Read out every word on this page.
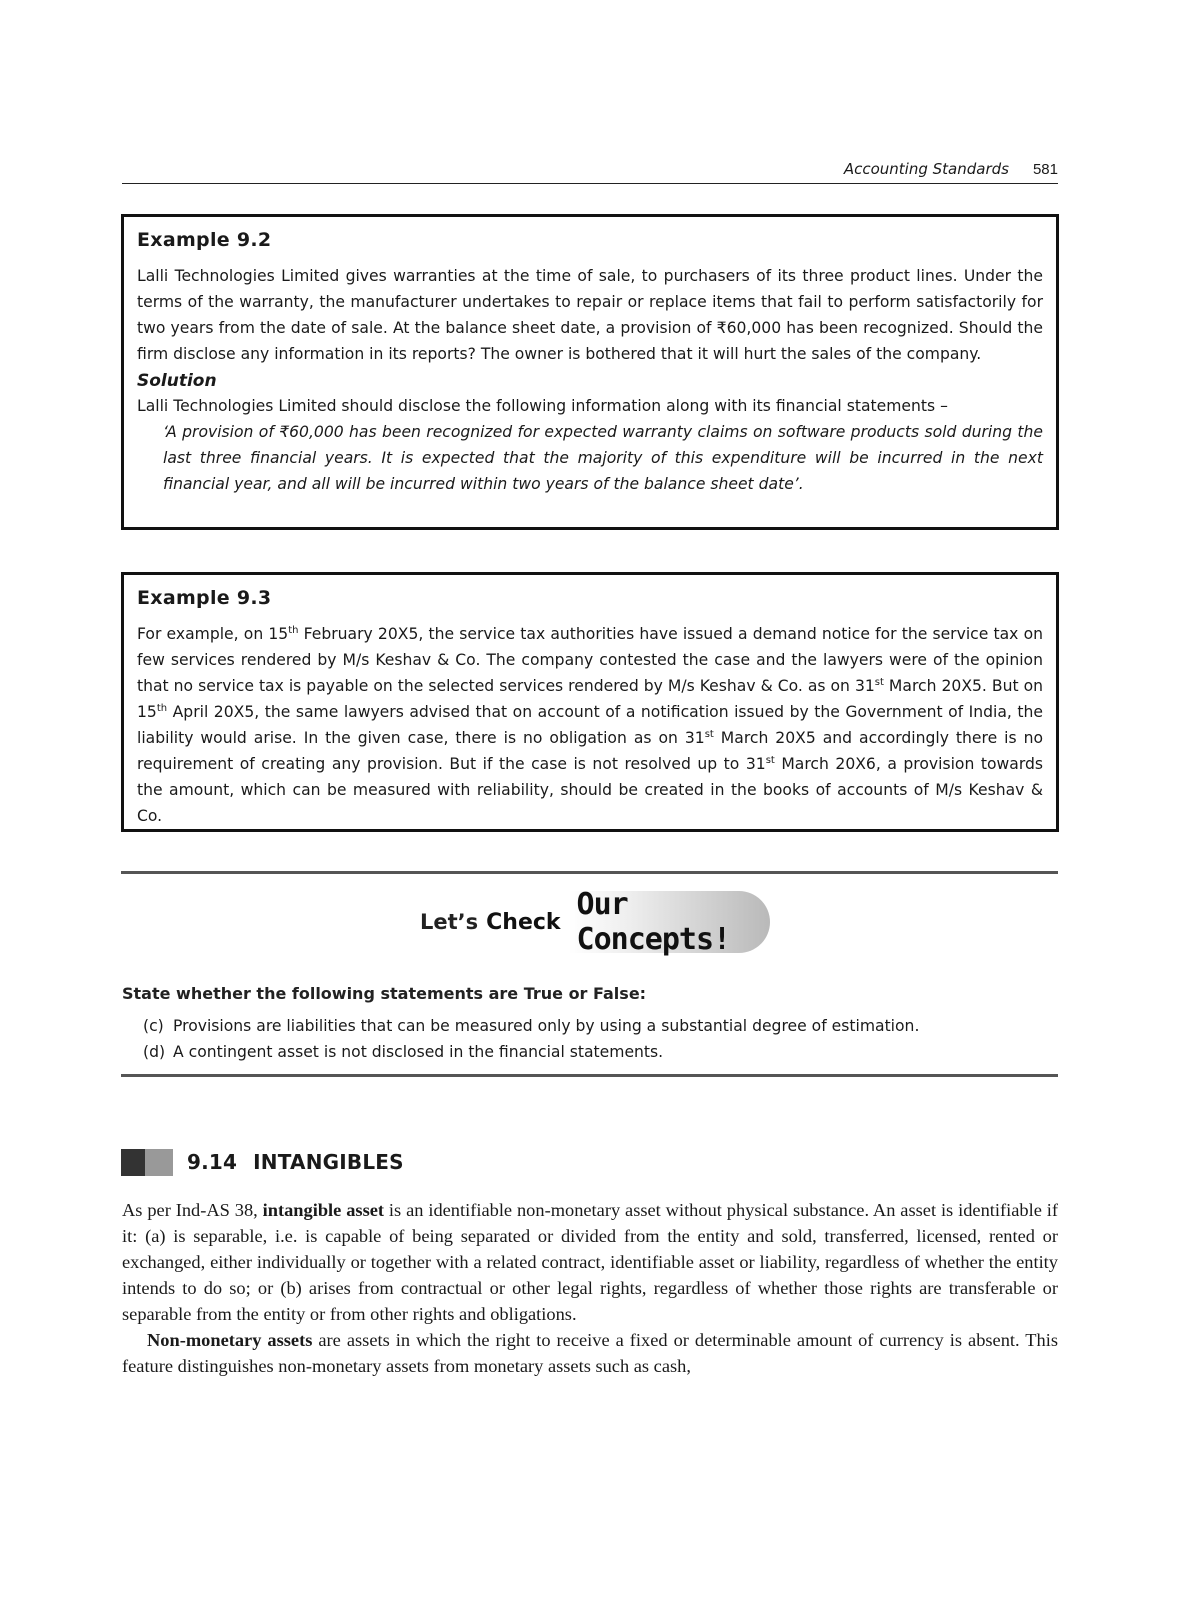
Accounting Standards 581
Example 9.2

Lalli Technologies Limited gives warranties at the time of sale, to purchasers of its three product lines. Under the terms of the warranty, the manufacturer undertakes to repair or replace items that fail to perform satisfactorily for two years from the date of sale. At the balance sheet date, a provision of ₹60,000 has been recognized. Should the firm disclose any information in its reports? The owner is bothered that it will hurt the sales of the company.

Solution

Lalli Technologies Limited should disclose the following information along with its financial statements –

‘A provision of ₹60,000 has been recognized for expected warranty claims on software products sold during the last three financial years. It is expected that the majority of this expenditure will be incurred in the next financial year, and all will be incurred within two years of the balance sheet date’.

Example 9.3

For example, on 15th February 20X5, the service tax authorities have issued a demand notice for the service tax on few services rendered by M/s Keshav & Co. The company contested the case and the lawyers were of the opinion that no service tax is payable on the selected services rendered by M/s Keshav & Co. as on 31st March 20X5. But on 15th April 20X5, the same lawyers advised that on account of a notification issued by the Government of India, the liability would arise. In the given case, there is no obligation as on 31st March 20X5 and accordingly there is no requirement of creating any provision. But if the case is not resolved up to 31st March 20X6, a provision towards the amount, which can be measured with reliability, should be created in the books of accounts of M/s Keshav & Co.

Let’s Check Our Concepts!
State whether the following statements are True or False:
(c) Provisions are liabilities that can be measured only by using a substantial degree of estimation.
(d) A contingent asset is not disclosed in the financial statements.
9.14 INTANGIBLES

As per Ind-AS 38, intangible asset is an identifiable non-monetary asset without physical substance. An asset is identifiable if it: (a) is separable, i.e. is capable of being separated or divided from the entity and sold, transferred, licensed, rented or exchanged, either individually or together with a related contract, identifiable asset or liability, regardless of whether the entity intends to do so; or (b) arises from contractual or other legal rights, regardless of whether those rights are transferable or separable from the entity or from other rights and obligations.

Non-monetary assets are assets in which the right to receive a fixed or determinable amount of currency is absent. This feature distinguishes non-monetary assets from monetary assets such as cash,
